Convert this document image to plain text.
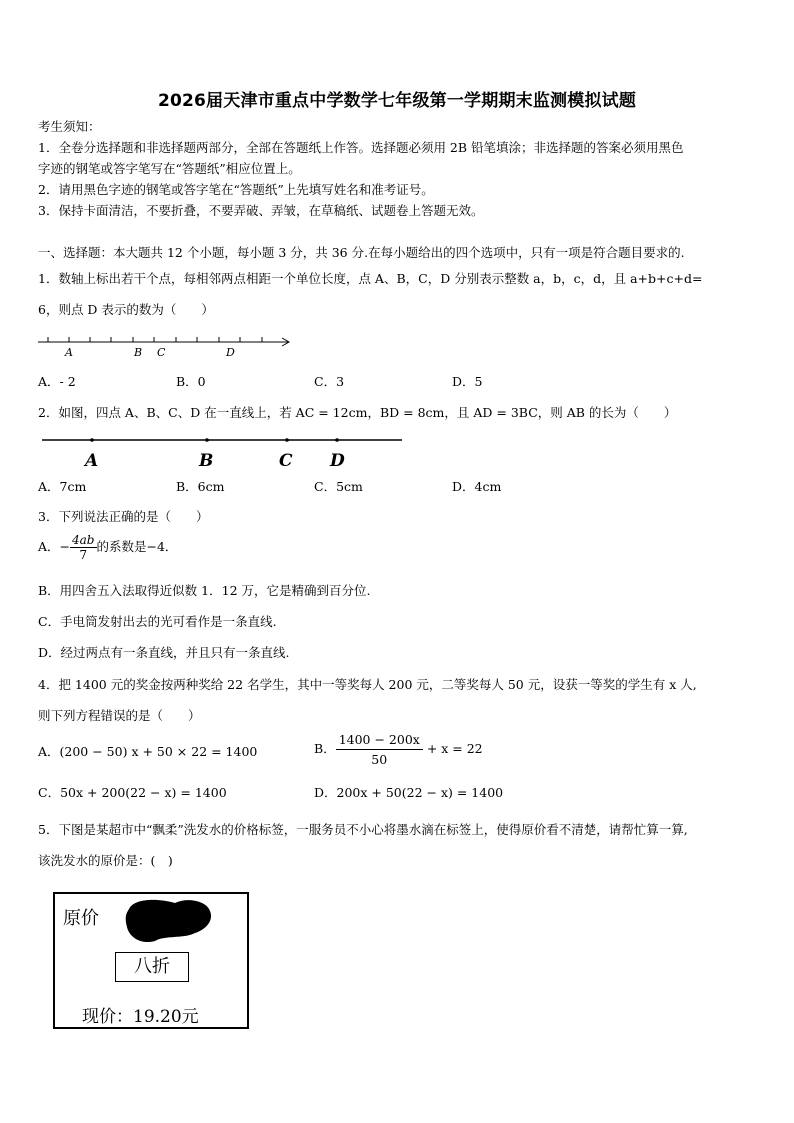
2026届天津市重点中学数学七年级第一学期期末监测模拟试题
考生须知：
1．全卷分选择题和非选择题两部分，全部在答题纸上作答。选择题必须用 2B 铅笔填涂；非选择题的答案必须用黑色
字迹的钢笔或答字笔写在“答题纸”相应位置上。
2．请用黑色字迹的钢笔或答字笔在“答题纸”上先填写姓名和准考证号。
3．保持卡面清洁，不要折叠，不要弄破、弄皱，在草稿纸、试题卷上答题无效。
一、选择题：本大题共 12 个小题，每小题 3 分，共 36 分.在每小题给出的四个选项中，只有一项是符合题目要求的.
1．数轴上标出若干个点，每相邻两点相距一个单位长度，点 A、B，C，D 分别表示整数 a，b，c，d，且 a+b+c+d=
6，则点 D 表示的数为（　　）
A	B C	D
A．- 2	B．0	C．3	D．5
2．如图，四点 A、B、C、D 在一直线上，若 AC = 12cm，BD = 8cm，且 AD = 3BC，则 AB 的长为（　　）
A	B	C D
A．7cm	B．6cm	C．5cm	D．4cm
3．下列说法正确的是（　　）
A．− $\frac{4ab}{7}$ 的系数是−4．
B．用四舍五入法取得近似数 1．12 万，它是精确到百分位.
C．手电筒发射出去的光可看作是一条直线.
D．经过两点有一条直线，并且只有一条直线.
4．把 1400 元的奖金按两种奖给 22 名学生，其中一等奖每人 200 元，二等奖每人 50 元，设获一等奖的学生有 x 人,
则下列方程错误的是（　　）
A．(200 − 50) x + 50 × 22 = 1400	B． $\frac{1400 - 200x}{50} + x = 22$
C．50x + 200(22 − x) = 1400	D．200x + 50(22 − x) = 1400
5．下图是某超市中“飘柔”洗发水的价格标签，一服务员不小心将墨水滴在标签上，使得原价看不清楚，请帮忙算一算,
该洗发水的原价是：(　)
原价
八折
现价：19.20元
